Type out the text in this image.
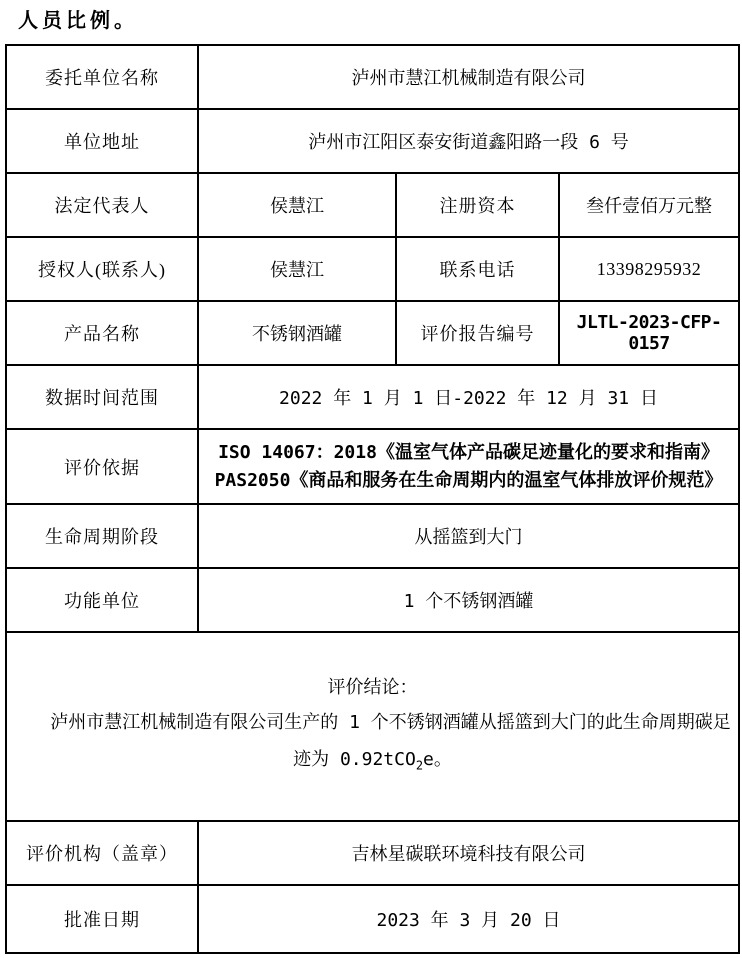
人员比例。
委托单位名称	泸州市慧江机械制造有限公司		
单位地址	泸州市江阳区泰安街道鑫阳路一段 6 号		
法定代表人	侯慧江	注册资本	叁仟壹佰万元整
授权人(联系人)	侯慧江	联系电话	13398295932
产品名称	不锈钢酒罐	评价报告编号	JLTL-2023-CFP-0157
数据时间范围	2022 年 1 月 1 日-2022 年 12 月 31 日		
评价依据	ISO 14067：2018《温室气体产品碳足迹量化的要求和指南》
PAS2050《商品和服务在生命周期内的温室气体排放评价规范》		

生命周期阶段	从摇篮到大门		
功能单位	1 个不锈钢酒罐		

评价结论：

泸州市慧江机械制造有限公司生产的 1 个不锈钢酒罐从摇篮到大门的此生命周期碳足迹为 0.92tCO$_2$e。			

评价机构（盖章）	吉林星碳联环境科技有限公司		
批准日期	2023 年 3 月 20 日		
